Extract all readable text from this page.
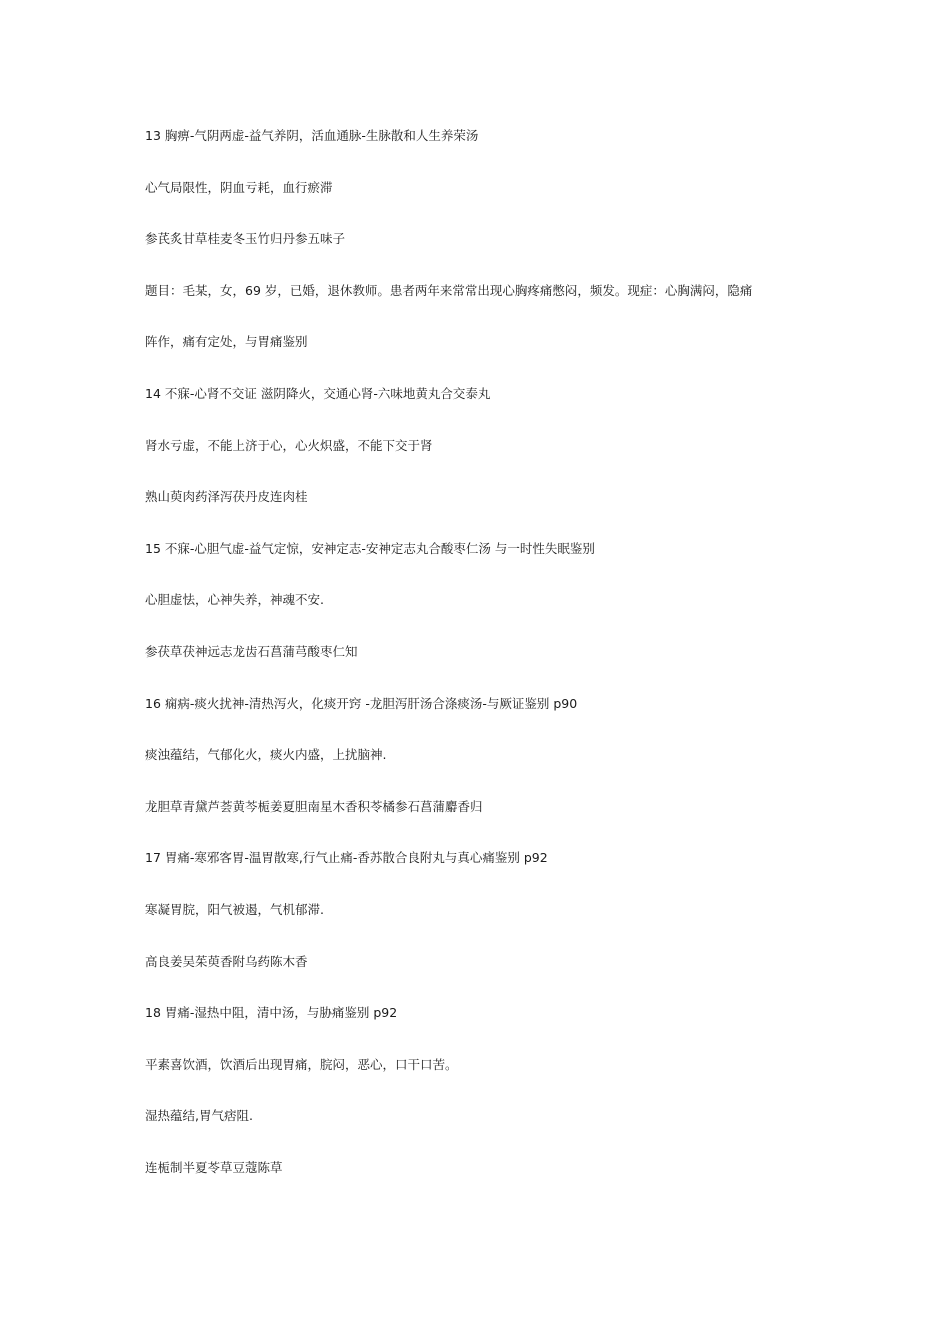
13 胸痹-气阴两虚-益气养阴，活血通脉-生脉散和人生养荣汤
心气局限性，阴血亏耗，血行瘀滞
参芪炙甘草桂麦冬玉竹归丹参五味子
题目：毛某，女，69 岁，已婚，退休教师。患者两年来常常出现心胸疼痛憋闷，频发。现症：心胸满闷，隐痛
阵作，痛有定处，与胃痛鉴别
14 不寐-心肾不交证 滋阴降火，交通心肾-六味地黄丸合交泰丸
肾水亏虚，不能上济于心，心火炽盛，不能下交于肾
熟山萸肉药泽泻茯丹皮连肉桂
15 不寐-心胆气虚-益气定惊，安神定志-安神定志丸合酸枣仁汤 与一时性失眠鉴别
心胆虚怯，心神失养，神魂不安.
参茯草茯神远志龙齿石菖蒲芎酸枣仁知
16 痫病-痰火扰神-清热泻火，化痰开窍 -龙胆泻肝汤合涤痰汤-与厥证鉴别 p90
痰浊蕴结，气郁化火，痰火内盛，上扰脑神.
龙胆草青黛芦荟黄芩栀姜夏胆南星木香积苓橘参石菖蒲麝香归
17 胃痛-寒邪客胃-温胃散寒,行气止痛-香苏散合良附丸与真心痛鉴别 p92
寒凝胃脘，阳气被遏，气机郁滞.
高良姜吴茱萸香附乌药陈木香
18 胃痛-湿热中阻，清中汤，与胁痛鉴别 p92
平素喜饮酒，饮酒后出现胃痛，脘闷，恶心，口干口苦。
湿热蕴结,胃气痞阻.
连栀制半夏苓草豆蔻陈草
